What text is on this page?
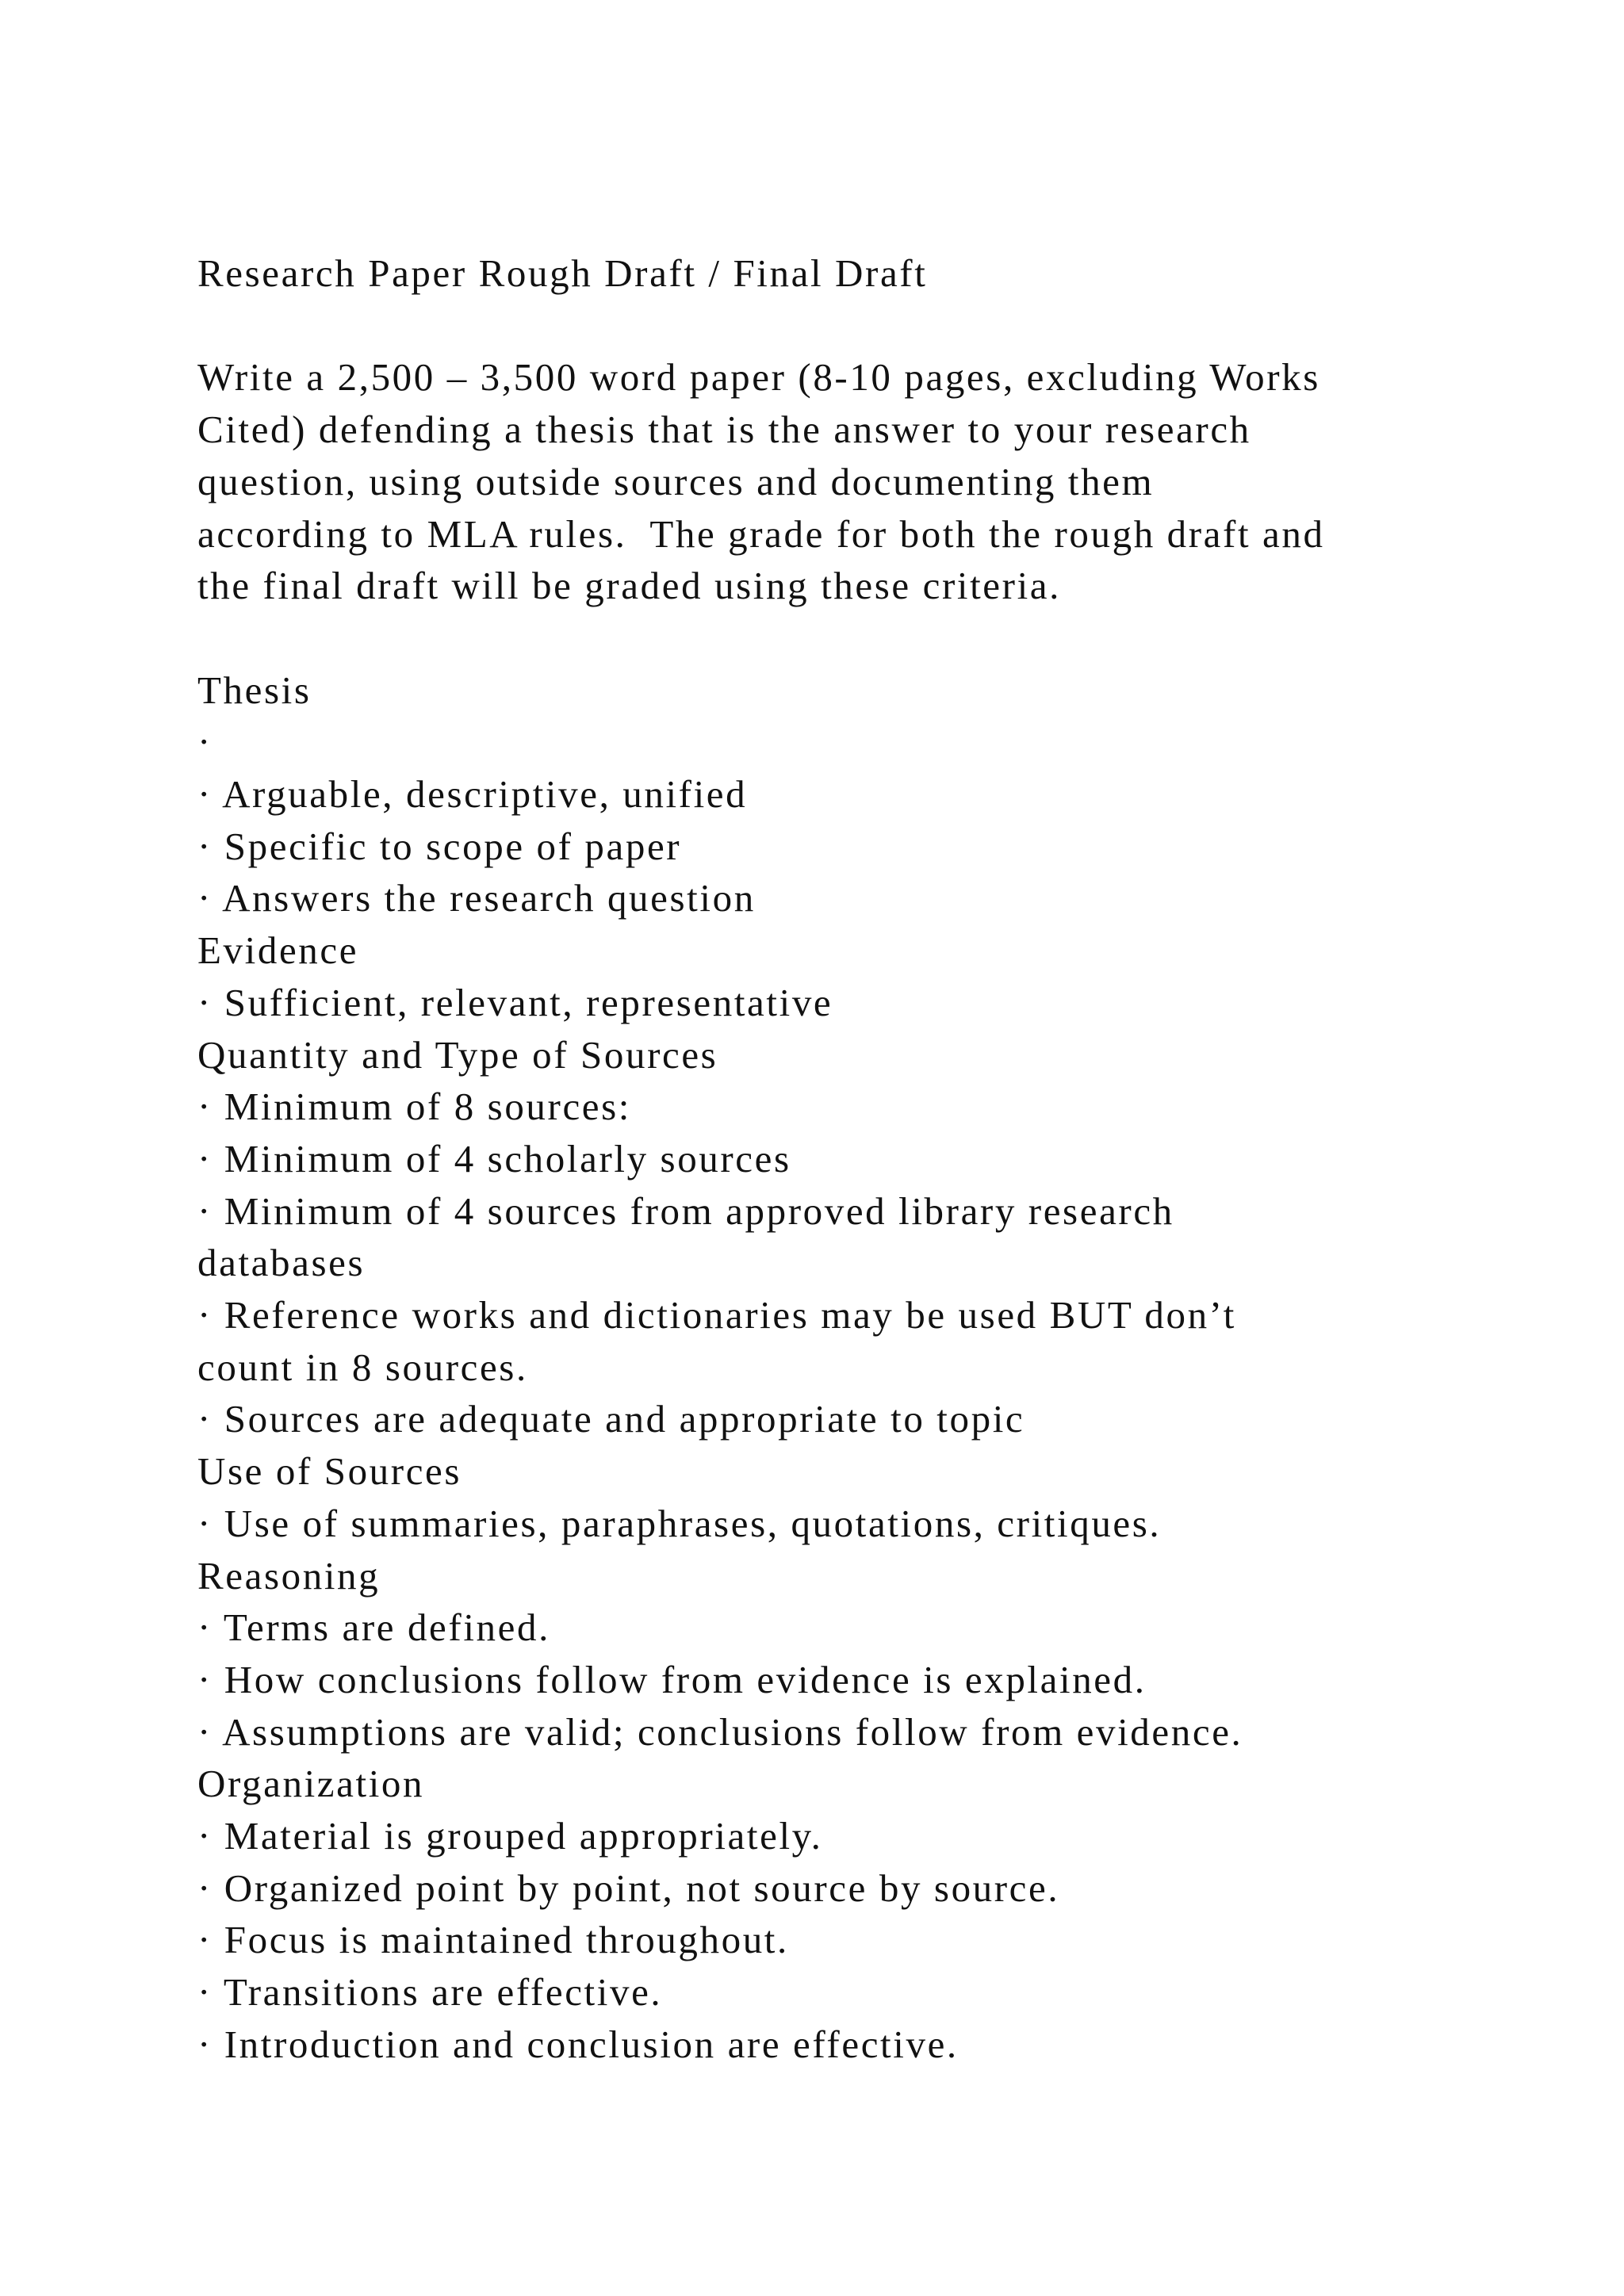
Research Paper Rough Draft / Final Draft
Write a 2,500 – 3,500 word paper (8-10 pages, excluding Works
Cited) defending a thesis that is the answer to your research
question, using outside sources and documenting them
according to MLA rules.  The grade for both the rough draft and
the final draft will be graded using these criteria.
Thesis
·
· Arguable, descriptive, unified
· Specific to scope of paper
· Answers the research question
Evidence
· Sufficient, relevant, representative
Quantity and Type of Sources
· Minimum of 8 sources:
· Minimum of 4 scholarly sources
· Minimum of 4 sources from approved library research
databases
· Reference works and dictionaries may be used BUT don’t
count in 8 sources.
· Sources are adequate and appropriate to topic
Use of Sources
· Use of summaries, paraphrases, quotations, critiques.
Reasoning
· Terms are defined.
· How conclusions follow from evidence is explained.
· Assumptions are valid; conclusions follow from evidence.
Organization
· Material is grouped appropriately.
· Organized point by point, not source by source.
· Focus is maintained throughout.
· Transitions are effective.
· Introduction and conclusion are effective.
